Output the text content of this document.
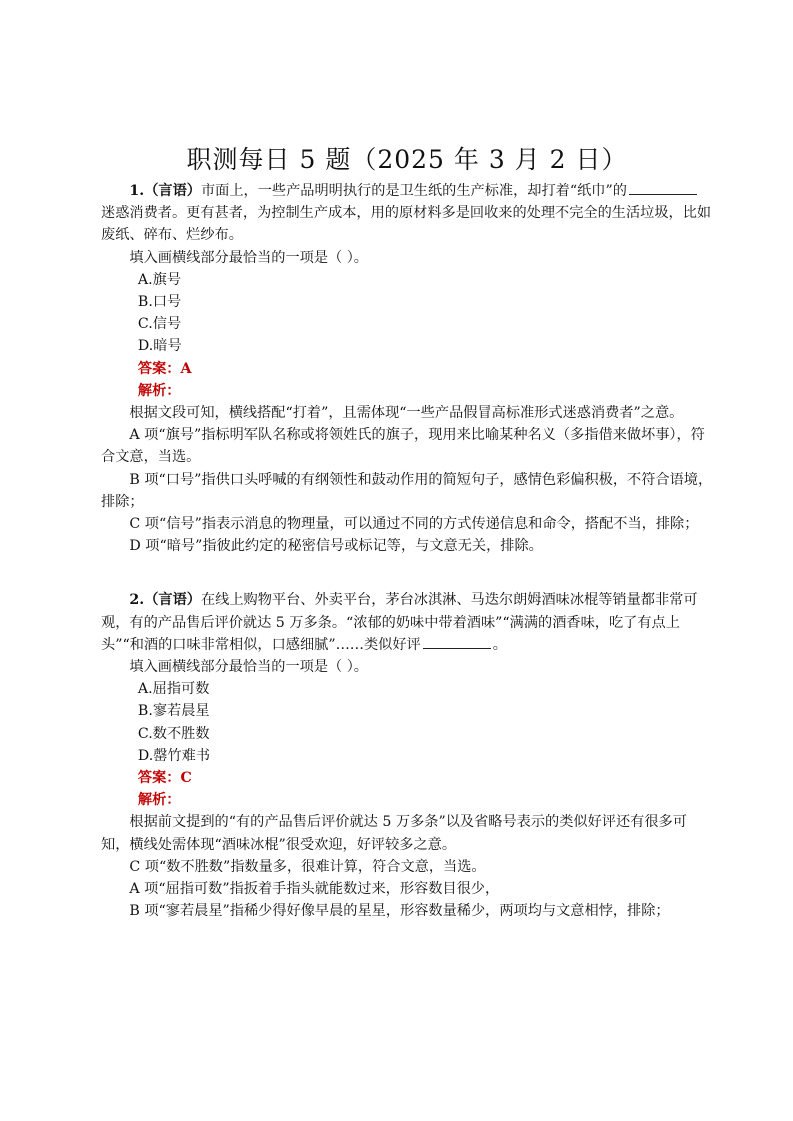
职测每日 5 题（2025 年 3 月 2 日）

1.（言语）市面上，一些产品明明执行的是卫生纸的生产标准，却打着“纸巾”的迷惑消费者。更有甚者，为控制生产成本，用的原材料多是回收来的处理不完全的生活垃圾，比如废纸、碎布、烂纱布。

填入画横线部分最恰当的一项是（ ）。

A.旗号

B.口号

C.信号

D.暗号

答案：A

解析：

根据文段可知，横线搭配“打着”，且需体现“一些产品假冒高标准形式迷惑消费者”之意。

A 项“旗号”指标明军队名称或将领姓氏的旗子，现用来比喻某种名义（多指借来做坏事），符合文意，当选。

B 项“口号”指供口头呼喊的有纲领性和鼓动作用的简短句子，感情色彩偏积极，不符合语境，排除；

C 项“信号”指表示消息的物理量，可以通过不同的方式传递信息和命令，搭配不当，排除；

D 项“暗号”指彼此约定的秘密信号或标记等，与文意无关，排除。

2.（言语）在线上购物平台、外卖平台，茅台冰淇淋、马迭尔朗姆酒味冰棍等销量都非常可观，有的产品售后评价就达 5 万多条。“浓郁的奶味中带着酒味”“满满的酒香味，吃了有点上头”“和酒的口味非常相似，口感细腻”……类似好评	。

填入画横线部分最恰当的一项是（ ）。

A.屈指可数

B.寥若晨星

C.数不胜数

D.罄竹难书

答案：C

解析：

根据前文提到的“有的产品售后评价就达 5 万多条”以及省略号表示的类似好评还有很多可知，横线处需体现“酒味冰棍”很受欢迎，好评较多之意。

C 项“数不胜数”指数量多，很难计算，符合文意，当选。

A 项“屈指可数”指扳着手指头就能数过来，形容数目很少，

B 项“寥若晨星”指稀少得好像早晨的星星，形容数量稀少，两项均与文意相悖，排除；
